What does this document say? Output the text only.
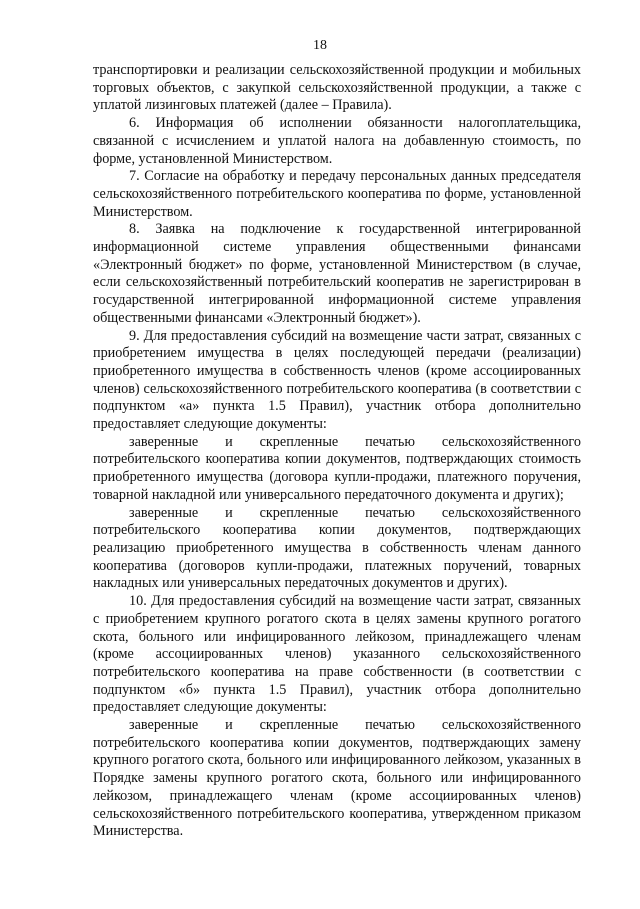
18

транспортировки и реализации сельскохозяйственной продукции и мобильных торговых объектов, с закупкой сельскохозяйственной продукции, а также с уплатой лизинговых платежей (далее – Правила).

6. Информация об исполнении обязанности налогоплательщика, связанной с исчислением и уплатой налога на добавленную стоимость, по форме, установленной Министерством.

7. Согласие на обработку и передачу персональных данных председателя сельскохозяйственного потребительского кооператива по форме, установленной Министерством.

8. Заявка на подключение к государственной интегрированной информационной системе управления общественными финансами «Электронный бюджет» по форме, установленной Министерством (в случае, если сельскохозяйственный потребительский кооператив не зарегистрирован в государственной интегрированной информационной системе управления общественными финансами «Электронный бюджет»).

9. Для предоставления субсидий на возмещение части затрат, связанных с приобретением имущества в целях последующей передачи (реализации) приобретенного имущества в собственность членов (кроме ассоциированных членов) сельскохозяйственного потребительского кооператива (в соответствии с подпунктом «а» пункта 1.5 Правил), участник отбора дополнительно предоставляет следующие документы:

заверенные и скрепленные печатью сельскохозяйственного потребительского кооператива копии документов, подтверждающих стоимость приобретенного имущества (договора купли-продажи, платежного поручения, товарной накладной или универсального передаточного документа и других);

заверенные и скрепленные печатью сельскохозяйственного потребительского кооператива копии документов, подтверждающих реализацию приобретенного имущества в собственность членам данного кооператива (договоров купли-продажи, платежных поручений, товарных накладных или универсальных передаточных документов и других).

10. Для предоставления субсидий на возмещение части затрат, связанных с приобретением крупного рогатого скота в целях замены крупного рогатого скота, больного или инфицированного лейкозом, принадлежащего членам (кроме ассоциированных членов) указанного сельскохозяйственного потребительского кооператива на праве собственности (в соответствии с подпунктом «б» пункта 1.5 Правил), участник отбора дополнительно предоставляет следующие документы:

заверенные и скрепленные печатью сельскохозяйственного потребительского кооператива копии документов, подтверждающих замену крупного рогатого скота, больного или инфицированного лейкозом, указанных в Порядке замены крупного рогатого скота, больного или инфицированного лейкозом, принадлежащего членам (кроме ассоциированных членов) сельскохозяйственного потребительского кооператива, утвержденном приказом Министерства.
